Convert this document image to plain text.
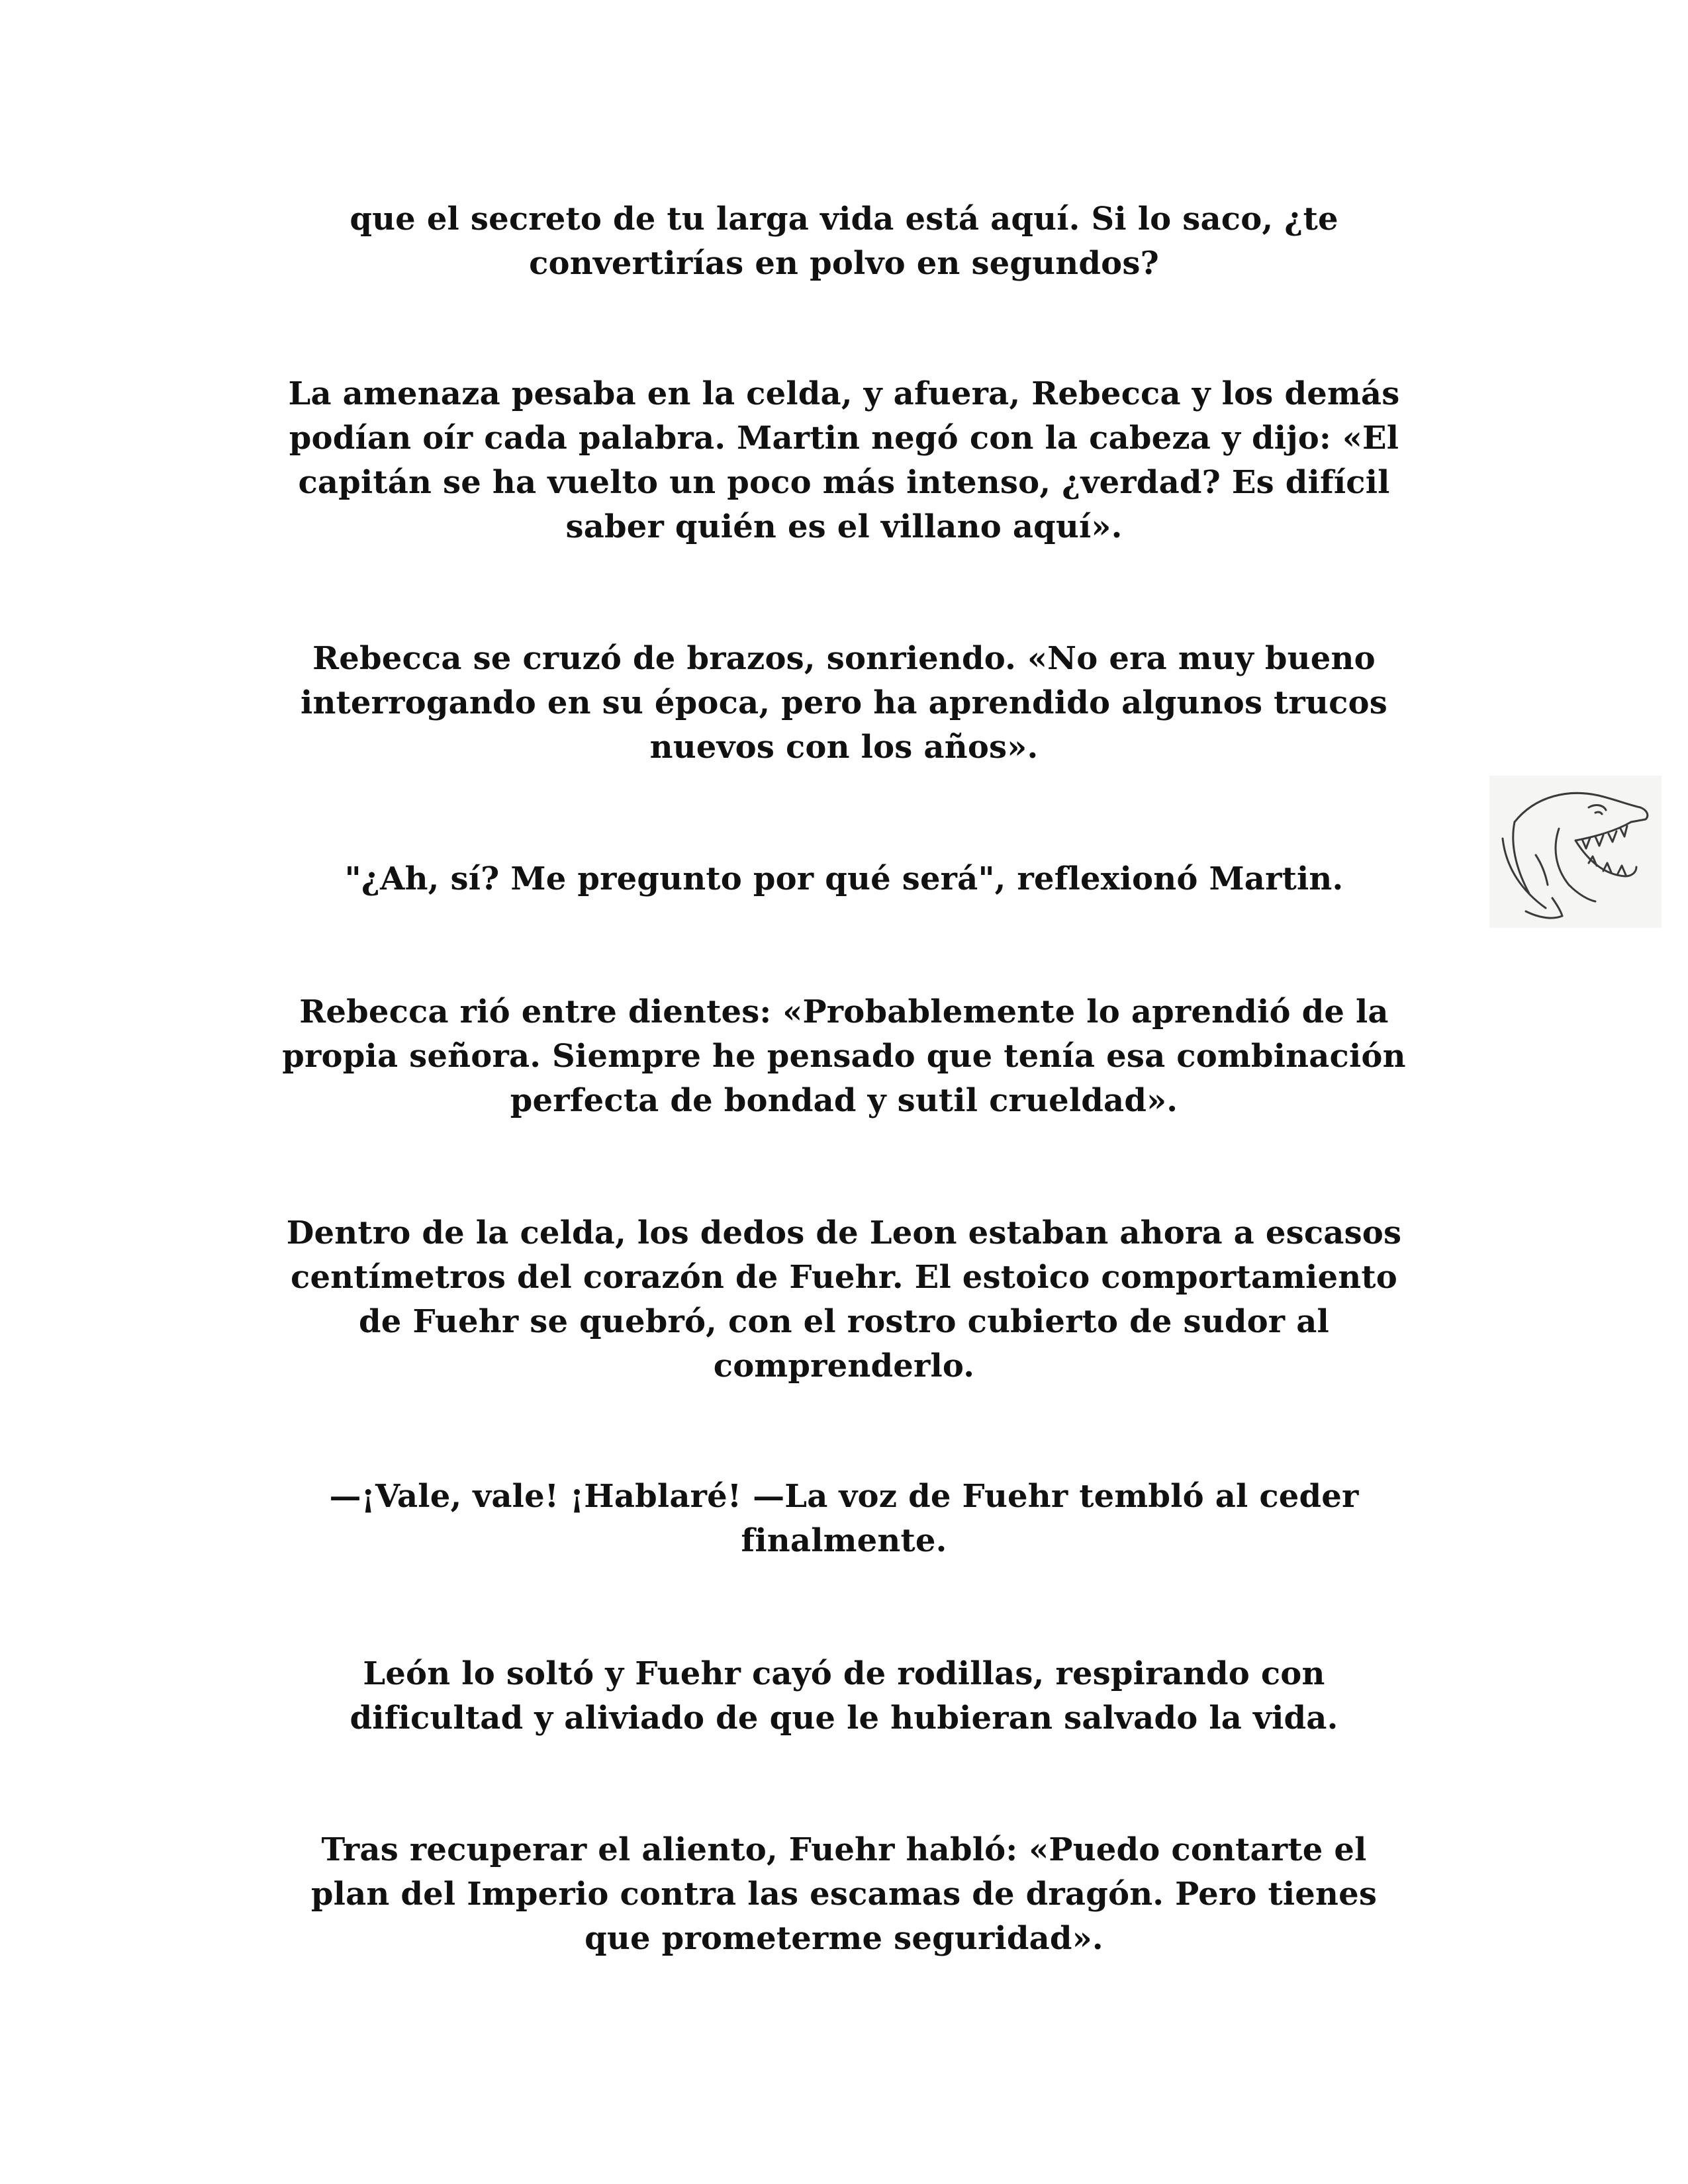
que el secreto de tu larga vida está aquí. Si lo saco, ¿te
convertirías en polvo en segundos?

La amenaza pesaba en la celda, y afuera, Rebecca y los demás
podían oír cada palabra. Martin negó con la cabeza y dijo: «El
capitán se ha vuelto un poco más intenso, ¿verdad? Es difícil
saber quién es el villano aquí».

Rebecca se cruzó de brazos, sonriendo. «No era muy bueno
interrogando en su época, pero ha aprendido algunos trucos
nuevos con los años».

"¿Ah, sí? Me pregunto por qué será", reflexionó Martin.

Rebecca rió entre dientes: «Probablemente lo aprendió de la
propia señora. Siempre he pensado que tenía esa combinación
perfecta de bondad y sutil crueldad».

Dentro de la celda, los dedos de Leon estaban ahora a escasos
centímetros del corazón de Fuehr. El estoico comportamiento
de Fuehr se quebró, con el rostro cubierto de sudor al
comprenderlo.

—¡Vale, vale! ¡Hablaré! —La voz de Fuehr tembló al ceder
finalmente.

León lo soltó y Fuehr cayó de rodillas, respirando con
dificultad y aliviado de que le hubieran salvado la vida.

Tras recuperar el aliento, Fuehr habló: «Puedo contarte el
plan del Imperio contra las escamas de dragón. Pero tienes
que prometerme seguridad».
